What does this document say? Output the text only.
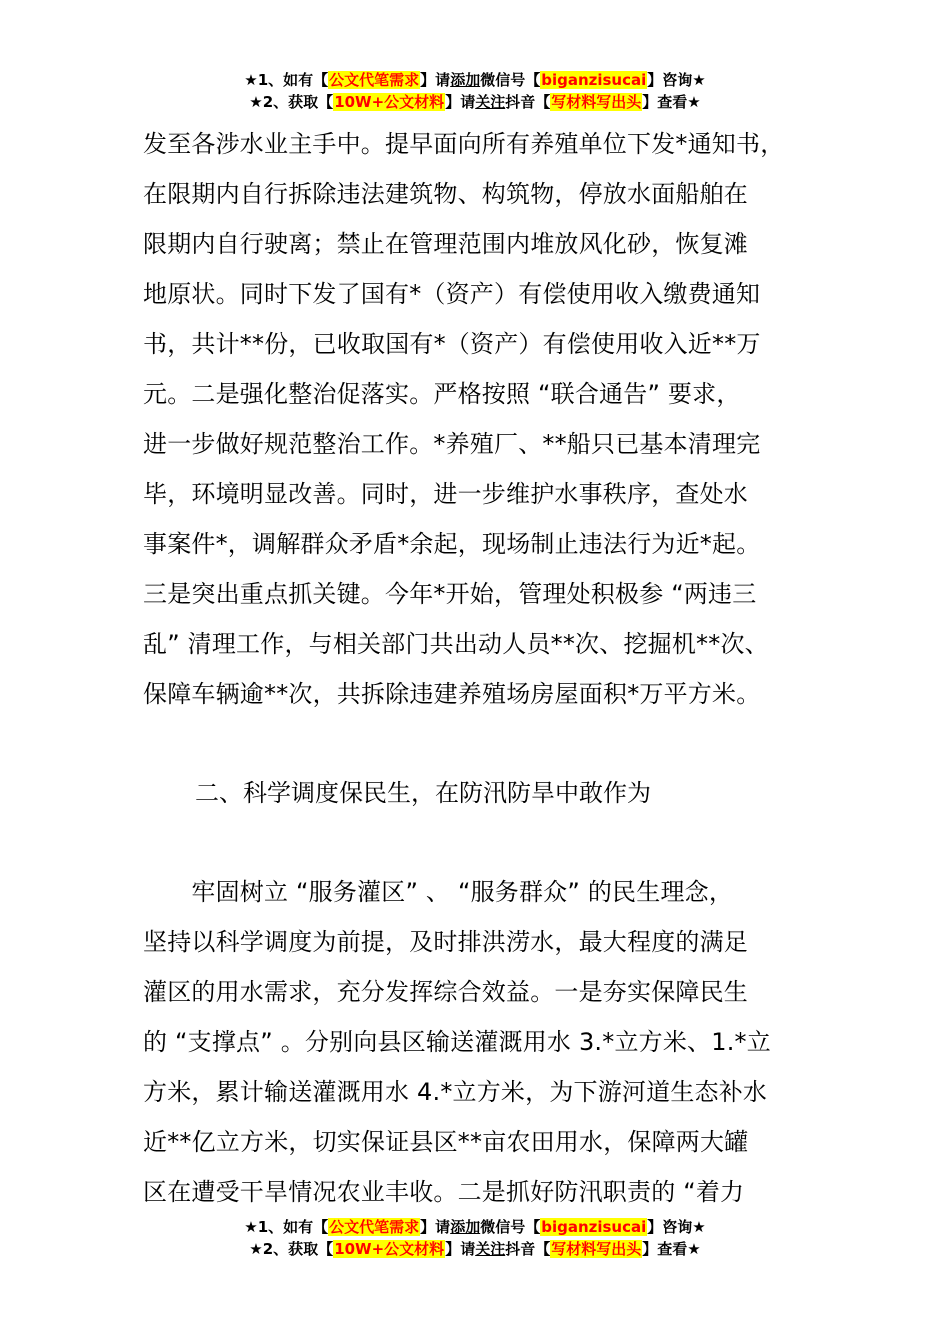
★1、如有【公文代笔需求】请添加微信号【biganzisucai】咨询★
★2、获取【10W+公文材料】请关注抖音【写材料写出头】查看★
发至各涉水业主手中。提早面向所有养殖单位下发*通知书，
在限期内自行拆除违法建筑物、构筑物，停放水面船舶在
限期内自行驶离；禁止在管理范围内堆放风化砂，恢复滩
地原状。同时下发了国有*（资产）有偿使用收入缴费通知
书，共计**份，已收取国有*（资产）有偿使用收入近**万
元。二是强化整治促落实。严格按照 “联合通告” 要求，
进一步做好规范整治工作。*养殖厂、**船只已基本清理完
毕，环境明显改善。同时，进一步维护水事秩序，查处水
事案件*，调解群众矛盾*余起，现场制止违法行为近*起。
三是突出重点抓关键。今年*开始，管理处积极参 “两违三
乱” 清理工作，与相关部门共出动人员**次、挖掘机**次、
保障车辆逾**次，共拆除违建养殖场房屋面积*万平方米。
二、科学调度保民生，在防汛防旱中敢作为
　　牢固树立 “服务灌区” 、 “服务群众” 的民生理念，
坚持以科学调度为前提，及时排洪涝水，最大程度的满足
灌区的用水需求，充分发挥综合效益。一是夯实保障民生
的 “支撑点” 。分别向县区输送灌溉用水 3.*立方米、1.*立
方米，累计输送灌溉用水 4.*立方米，为下游河道生态补水
近**亿立方米，切实保证县区**亩农田用水，保障两大罐
区在遭受干旱情况农业丰收。二是抓好防汛职责的 “着力
★1、如有【公文代笔需求】请添加微信号【biganzisucai】咨询★
★2、获取【10W+公文材料】请关注抖音【写材料写出头】查看★
